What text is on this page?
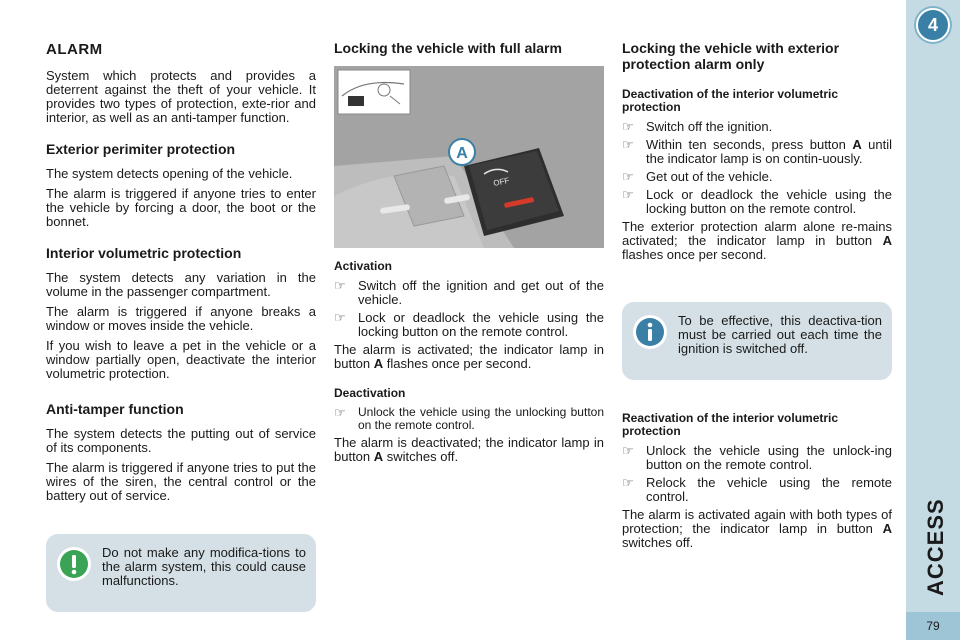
ALARM

System which protects and provides a deterrent against the theft of your vehicle. It provides two types of protection, exte-rior and interior, as well as an anti-tamper function.

Exterior perimiter protection

The system detects opening of the vehicle.

The alarm is triggered if anyone tries to enter the vehicle by forcing a door, the boot or the bonnet.

Interior volumetric protection

The system detects any variation in the volume in the passenger compartment.

The alarm is triggered if anyone breaks a window or moves inside the vehicle.

If you wish to leave a pet in the vehicle or a window partially open, deactivate the interior volumetric protection.

Anti-tamper function

The system detects the putting out of service of its components.

The alarm is triggered if anyone tries to put the wires of the siren, the central control or the battery out of service.

Do not make any modifica-tions to the alarm system, this could cause malfunctions.

Locking the vehicle with full alarm
OFF
A
Activation
☞ Switch off the ignition and get out of the vehicle.
☞ Lock or deadlock the vehicle using the locking button on the remote control.

The alarm is activated; the indicator lamp in button A flashes once per second.

Deactivation
☞ Unlock the vehicle using the unlocking button on the remote control.

The alarm is deactivated; the indicator lamp in button A switches off.

Locking the vehicle with exterior protection alarm only
Deactivation of the interior volumetric protection
☞ Switch off the ignition.
☞ Within ten seconds, press button A until the indicator lamp is on contin-uously.
☞ Get out of the vehicle.
☞ Lock or deadlock the vehicle using the locking button on the remote control.

The exterior protection alarm alone re-mains activated; the indicator lamp in button A flashes once per second.

To be effective, this deactiva-tion must be carried out each time the ignition is switched off.

Reactivation of the interior volumetric protection
☞ Unlock the vehicle using the unlock-ing button on the remote control.
☞ Relock the vehicle using the remote control.

The alarm is activated again with both types of protection; the indicator lamp in button A switches off.

4
ACCESS
79
